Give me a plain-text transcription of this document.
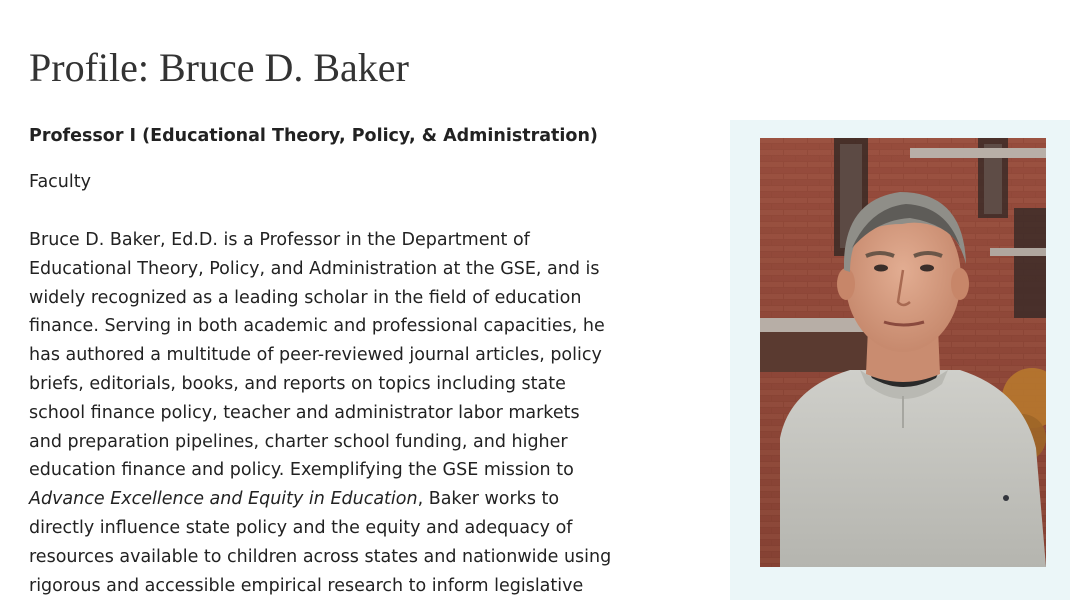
Profile: Bruce D. Baker
Professor I (Educational Theory, Policy, & Administration)

Faculty

Bruce D. Baker, Ed.D. is a Professor in the Department of
Educational Theory, Policy, and Administration at the GSE, and is
widely recognized as a leading scholar in the field of education
finance. Serving in both academic and professional capacities, he
has authored a multitude of peer-reviewed journal articles, policy
briefs, editorials, books, and reports on topics including state
school finance policy, teacher and administrator labor markets
and preparation pipelines, charter school funding, and higher
education finance and policy. Exemplifying the GSE mission to
Advance Excellence and Equity in Education, Baker works to
directly influence state policy and the equity and adequacy of
resources available to children across states and nationwide using
rigorous and accessible empirical research to inform legislative
